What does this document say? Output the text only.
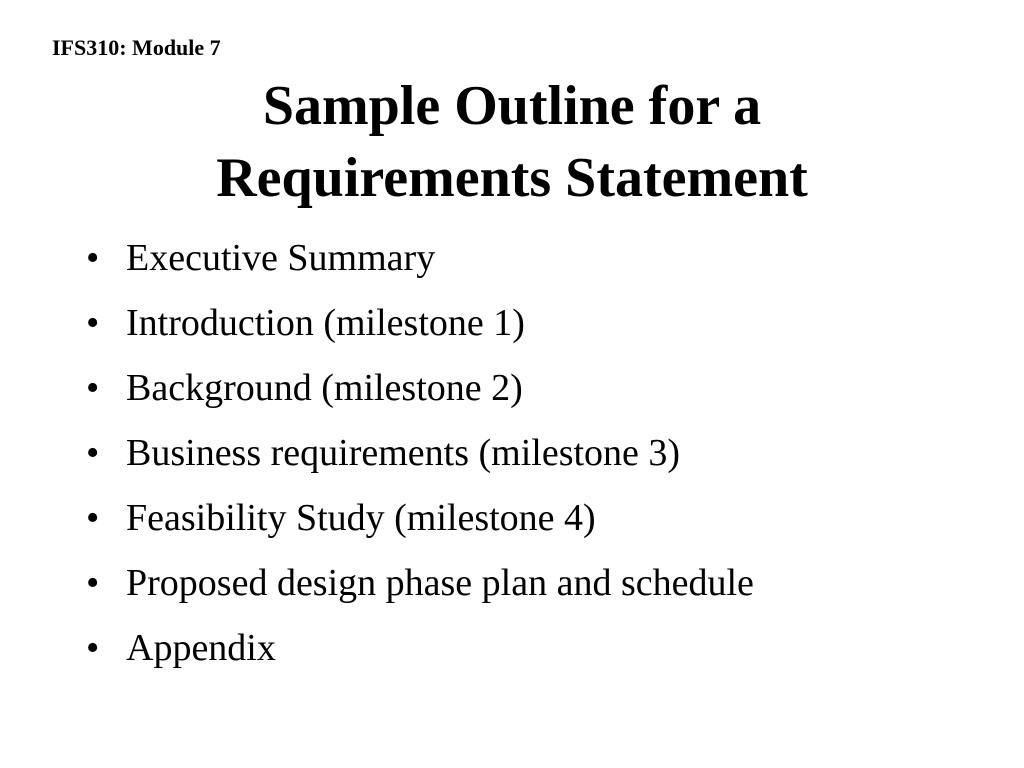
IFS310: Module 7
Sample Outline for a
Requirements Statement
• Executive Summary
• Introduction (milestone 1)
• Background (milestone 2)
• Business requirements (milestone 3)
• Feasibility Study (milestone 4)
• Proposed design phase plan and schedule
• Appendix
